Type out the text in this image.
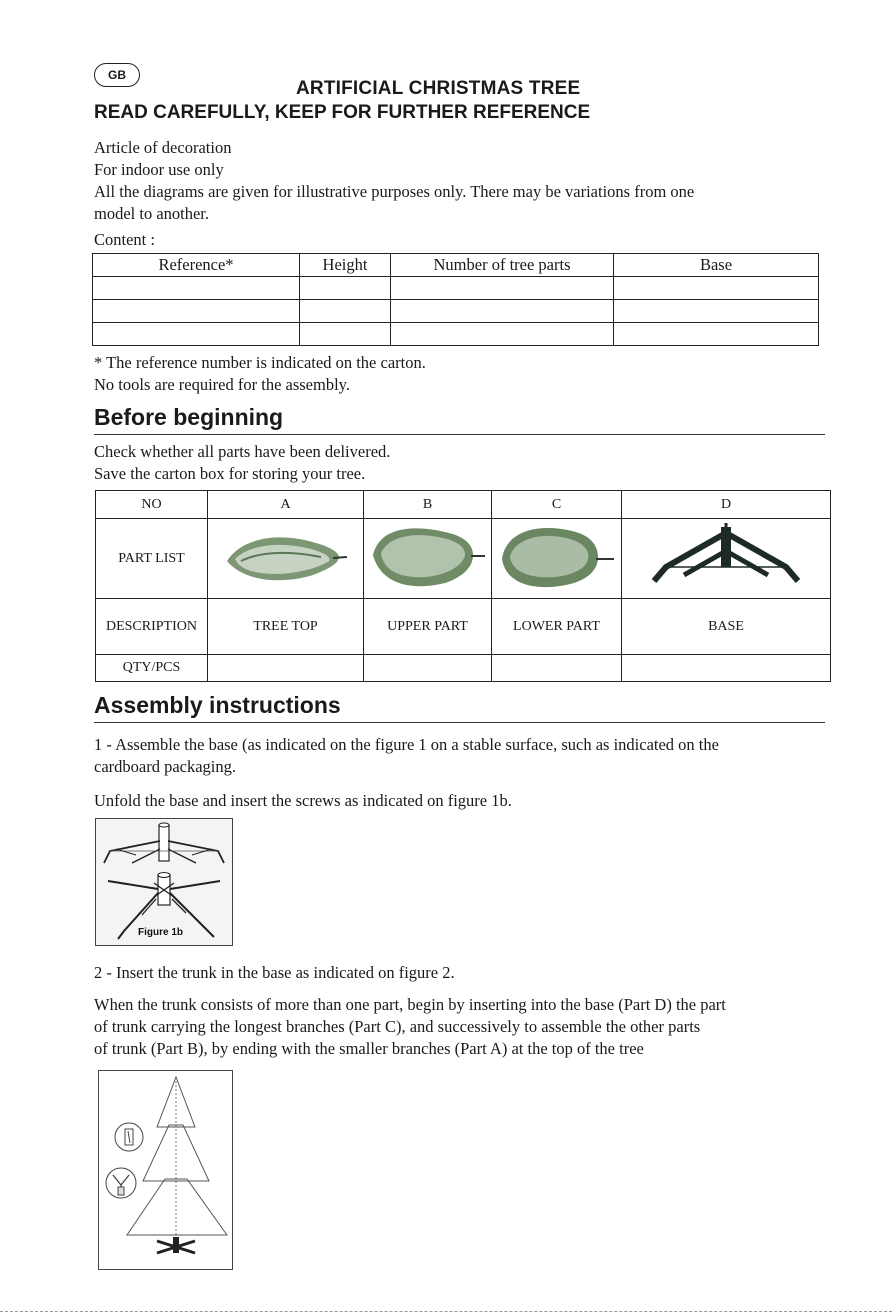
GB
ARTIFICIAL CHRISTMAS TREE
READ CAREFULLY, KEEP FOR FURTHER REFERENCE
Article of decoration
For indoor use only
All the diagrams are given for illustrative purposes only. There may be variations from one
model to another.
Content :
Reference*	Height	Number of tree parts	Base

* The reference number is indicated on the carton.
No tools are required for the assembly.
Before beginning
Check whether all parts have been delivered.
Save the carton box for storing your tree.
NO	A	B	C	D
PART LIST				
DESCRIPTION	TREE TOP	UPPER PART	LOWER PART	BASE
QTY/PCS				
Assembly instructions
1 - Assemble the base (as indicated on the figure 1 on a stable surface, such as indicated on the
cardboard packaging.
Unfold the base and insert the screws as indicated on figure 1b.
Figure 1b
2 - Insert the trunk in the base as indicated on figure 2.
When the trunk consists of more than one part, begin by inserting into the base (Part D) the part
of trunk carrying the longest branches (Part C), and successively to assemble the other parts
of trunk (Part B), by ending with the smaller branches (Part A) at the top of the tree
